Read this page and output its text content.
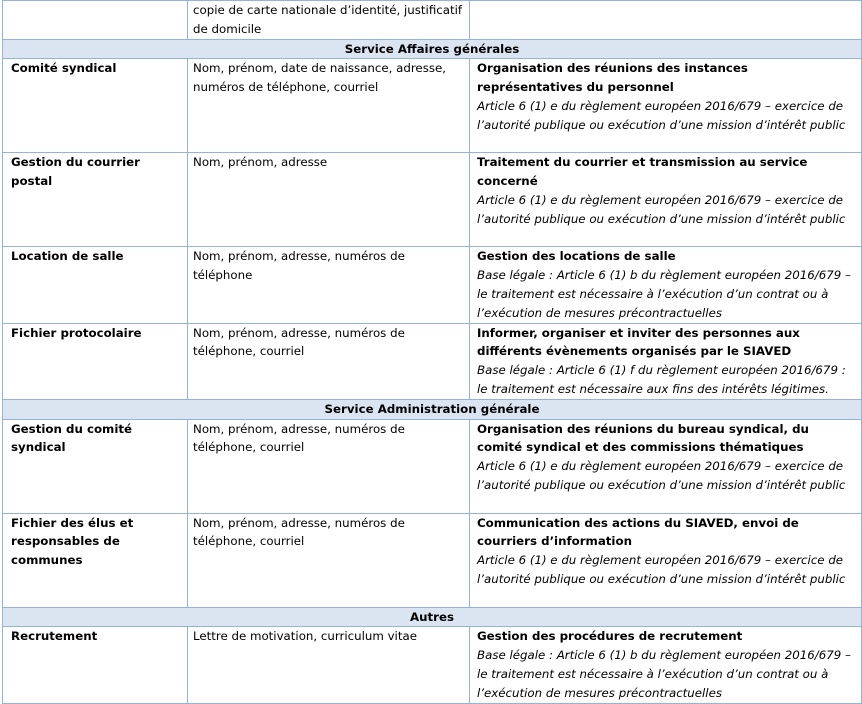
	copie de carte nationale d’identité, justificatif de domicile	
Service Affaires générales		
Comité syndical	Nom, prénom, date de naissance, adresse, numéros de téléphone, courriel	Organisation des réunions des instances représentatives du personnel
Article 6 (1) e du règlement européen 2016/679 – exercice de l’autorité publique ou exécution d’une mission d’intérêt public

Gestion du courrier postal	Nom, prénom, adresse	Traitement du courrier et transmission au service concerné
Article 6 (1) e du règlement européen 2016/679 – exercice de l’autorité publique ou exécution d’une mission d’intérêt public

Location de salle	Nom, prénom, adresse, numéros de téléphone	Gestion des locations de salle
Base légale : Article 6 (1) b du règlement européen 2016/679 – le traitement est nécessaire à l’exécution d’un contrat ou à l’exécution de mesures précontractuelles

Fichier protocolaire	Nom, prénom, adresse, numéros de téléphone, courriel	Informer, organiser et inviter des personnes aux différents évènements organisés par le SIAVED
Base légale : Article 6 (1) f du règlement européen 2016/679 : le traitement est nécessaire aux fins des intérêts légitimes.

Service Administration générale		
Gestion du comité syndical	Nom, prénom, adresse, numéros de téléphone, courriel	Organisation des réunions du bureau syndical, du comité syndical et des commissions thématiques
Article 6 (1) e du règlement européen 2016/679 – exercice de l’autorité publique ou exécution d’une mission d’intérêt public

Fichier des élus et responsables de communes	Nom, prénom, adresse, numéros de téléphone, courriel	Communication des actions du SIAVED, envoi de courriers d’information
Article 6 (1) e du règlement européen 2016/679 – exercice de l’autorité publique ou exécution d’une mission d’intérêt public

Autres		
Recrutement	Lettre de motivation, curriculum vitae	Gestion des procédures de recrutement
Base légale : Article 6 (1) b du règlement européen 2016/679 – le traitement est nécessaire à l’exécution d’un contrat ou à l’exécution de mesures précontractuelles
